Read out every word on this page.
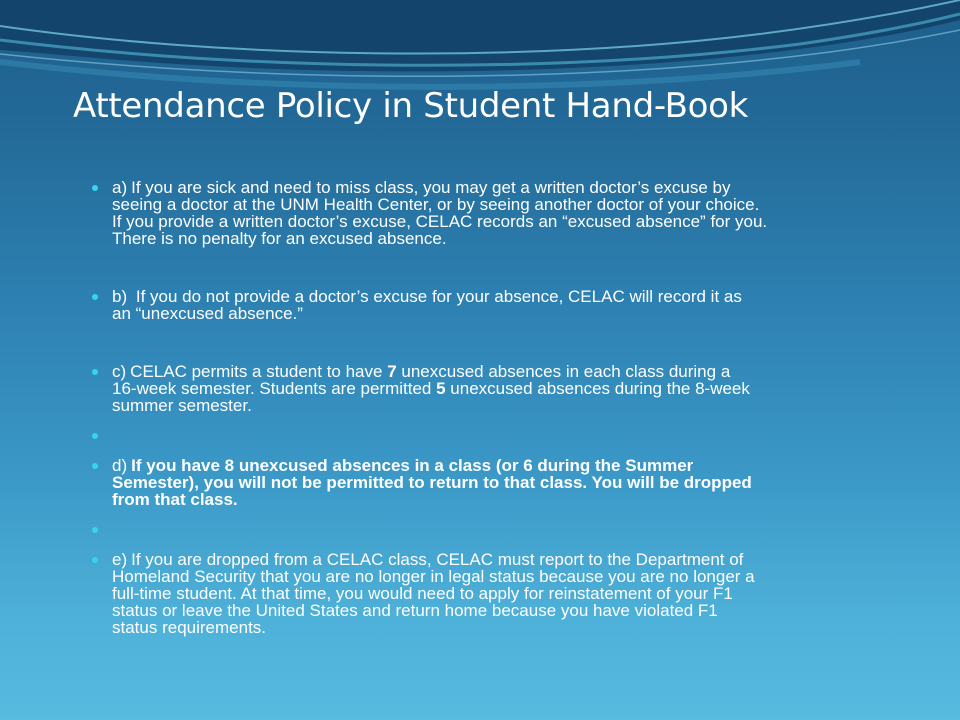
Attendance Policy in Student Hand-Book
a) If you are sick and need to miss class, you may get a written doctor’s excuse by
seeing a doctor at the UNM Health Center, or by seeing another doctor of your choice.
If you provide a written doctor’s excuse, CELAC records an “excused absence” for you.
There is no penalty for an excused absence.
b) If you do not provide a doctor’s excuse for your absence, CELAC will record it as
an “unexcused absence.”
c) CELAC permits a student to have 7 unexcused absences in each class during a
16-week semester. Students are permitted 5 unexcused absences during the 8-week
summer semester.
d) If you have 8 unexcused absences in a class (or 6 during the Summer
Semester), you will not be permitted to return to that class. You will be dropped
from that class.
e) If you are dropped from a CELAC class, CELAC must report to the Department of
Homeland Security that you are no longer in legal status because you are no longer a
full-time student. At that time, you would need to apply for reinstatement of your F1
status or leave the United States and return home because you have violated F1
status requirements.
